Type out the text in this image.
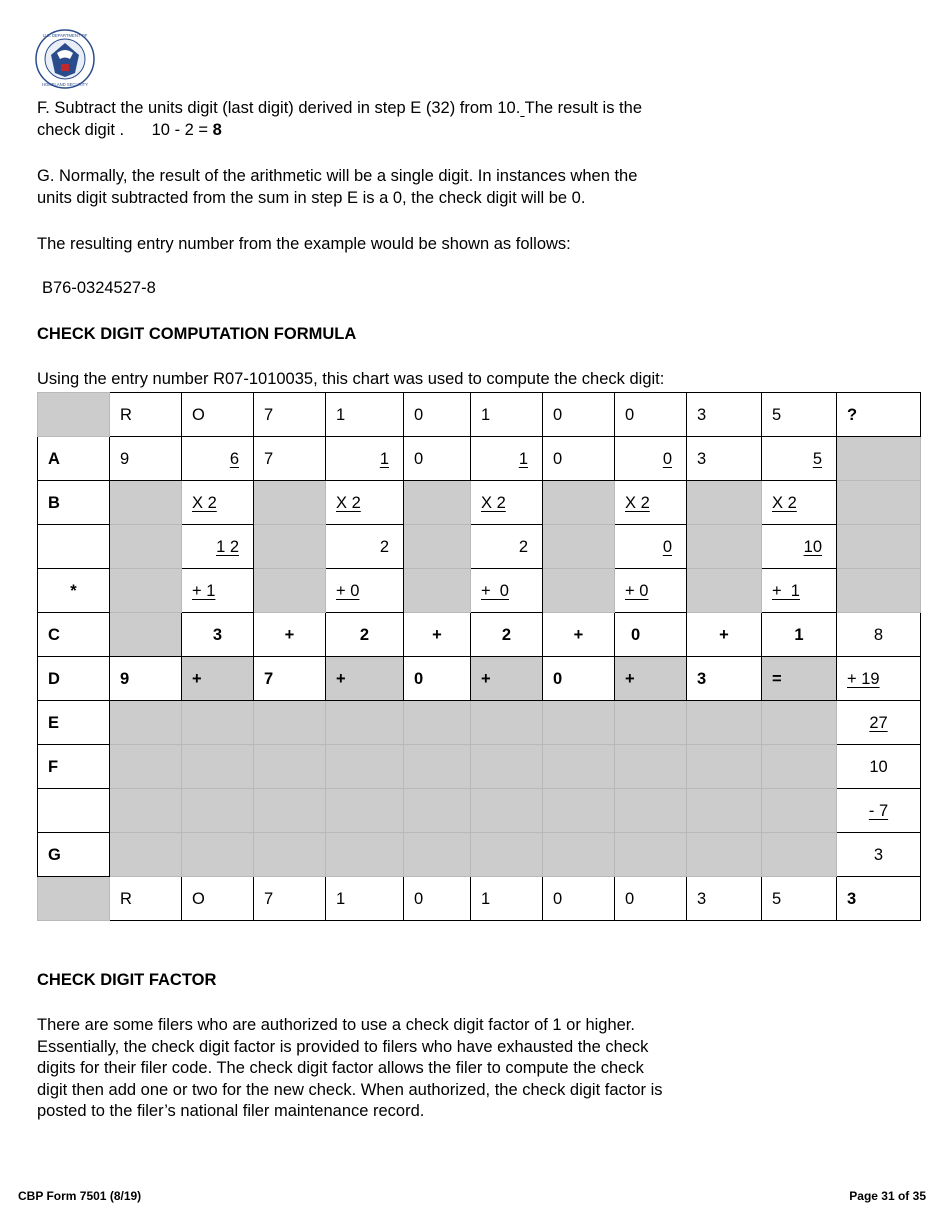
U.S. DEPARTMENT OF
HOMELAND SECURITY

F. Subtract the units digit (last digit) derived in step E (32) from 10. The result is the
check digit .      10 - 2 = 8

G. Normally, the result of the arithmetic will be a single digit. In instances when the
units digit subtracted from the sum in step E is a 0, the check digit will be 0.

The resulting entry number from the example would be shown as follows:

B76-0324527-8

CHECK DIGIT COMPUTATION FORMULA

Using the entry number R07-1010035, this chart was used to compute the check digit:

	R	O	7	1	0	1	0	0	3	5	?
A	9	6	7	1	0	1	0	0	3	5	
B		X 2		X 2		X 2		X 2		X 2	
		1 2		2		2		0		10	
*		+ 1		+ 0		+  0		+ 0		+  1	
C		3	+	2	+	2	+	0	+	1	8
D	9	+	7	+	0	+	0	+	3	=	+ 19
E											27
F											10
											- 7
G											3
	R	O	7	1	0	1	0	0	3	5	3

CHECK DIGIT FACTOR

There are some filers who are authorized to use a check digit factor of 1 or higher.
Essentially, the check digit factor is provided to filers who have exhausted the check
digits for their filer code. The check digit factor allows the filer to compute the check
digit then add one or two for the new check. When authorized, the check digit factor is
posted to the filer’s national filer maintenance record.

CBP Form 7501 (8/19)	Page 31 of 35
